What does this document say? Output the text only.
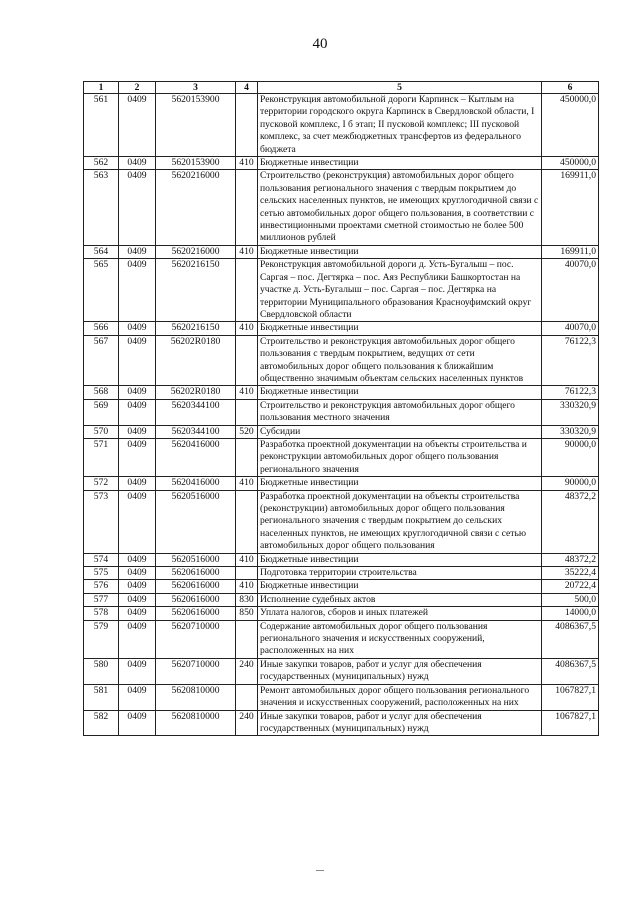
40
1	2	3	4	5	6
561	0409	5620153900		Реконструкция автомобильной дороги Карпинск – Кытлым на территории городского округа Карпинск в Свердловской области, I пусковой комплекс, I б этап; II пусковой комплекс; III пусковой комплекс, за счет межбюджетных трансфертов из федерального бюджета	450000,0
562	0409	5620153900	410	Бюджетные инвестиции	450000,0
563	0409	5620216000		Строительство (реконструкция) автомобильных дорог общего пользования регионального значения с твердым покрытием до сельских населенных пунктов, не имеющих круглогодичной связи с сетью автомобильных дорог общего пользования, в соответствии с инвестиционными проектами сметной стоимостью не более 500 миллионов рублей	169911,0
564	0409	5620216000	410	Бюджетные инвестиции	169911,0
565	0409	5620216150		Реконструкция автомобильной дороги д. Усть-Бугалыш – пос. Саргая – пос. Дегтярка – пос. Аяз Республики Башкортостан на участке д. Усть-Бугалыш – пос. Саргая – пос. Дегтярка на территории Муниципального образования Красноуфимский округ Свердловской области	40070,0
566	0409	5620216150	410	Бюджетные инвестиции	40070,0
567	0409	56202R0180		Строительство и реконструкция автомобильных дорог общего пользования с твердым покрытием, ведущих от сети автомобильных дорог общего пользования к ближайшим общественно значимым объектам сельских населенных пунктов	76122,3
568	0409	56202R0180	410	Бюджетные инвестиции	76122,3
569	0409	5620344100		Строительство и реконструкция автомобильных дорог общего пользования местного значения	330320,9
570	0409	5620344100	520	Субсидии	330320,9
571	0409	5620416000		Разработка проектной документации на объекты строительства и реконструкции автомобильных дорог общего пользования регионального значения	90000,0
572	0409	5620416000	410	Бюджетные инвестиции	90000,0
573	0409	5620516000		Разработка проектной документации на объекты строительства (реконструкции) автомобильных дорог общего пользования регионального значения с твердым покрытием до сельских населенных пунктов, не имеющих круглогодичной связи с сетью автомобильных дорог общего пользования	48372,2
574	0409	5620516000	410	Бюджетные инвестиции	48372,2
575	0409	5620616000		Подготовка территории строительства	35222,4
576	0409	5620616000	410	Бюджетные инвестиции	20722,4
577	0409	5620616000	830	Исполнение судебных актов	500,0
578	0409	5620616000	850	Уплата налогов, сборов и иных платежей	14000,0
579	0409	5620710000		Содержание автомобильных дорог общего пользования регионального значения и искусственных сооружений, расположенных на них	4086367,5
580	0409	5620710000	240	Иные закупки товаров, работ и услуг для обеспечения государственных (муниципальных) нужд	4086367,5
581	0409	5620810000		Ремонт автомобильных дорог общего пользования регионального значения и искусственных сооружений, расположенных на них	1067827,1
582	0409	5620810000	240	Иные закупки товаров, работ и услуг для обеспечения государственных (муниципальных) нужд	1067827,1
